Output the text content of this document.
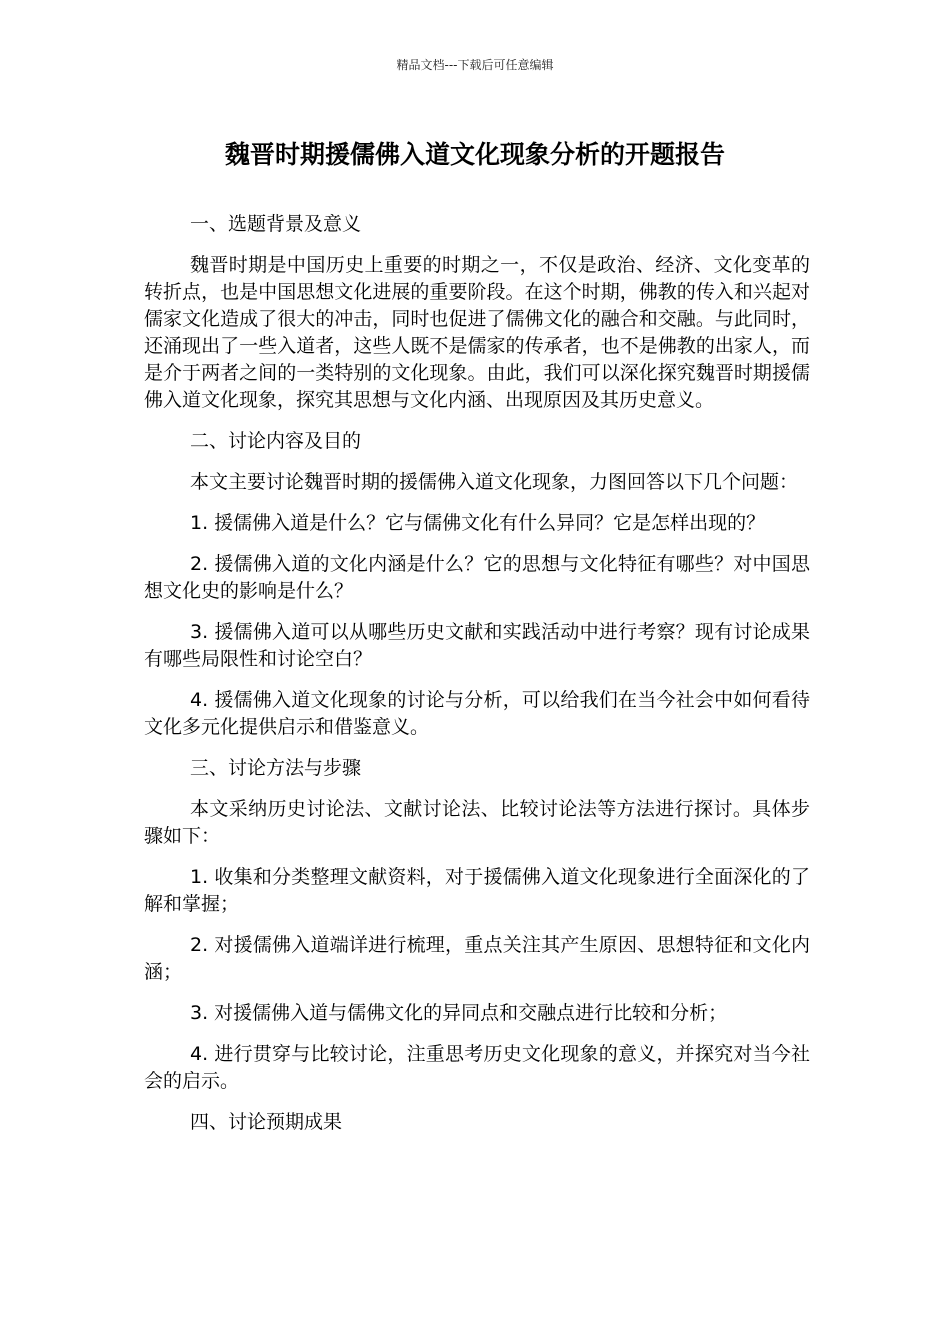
精品文档---下载后可任意编辑
魏晋时期援儒佛入道文化现象分析的开题报告

一、选题背景及意义

魏晋时期是中国历史上重要的时期之一，不仅是政治、经济、文化变革的转折点，也是中国思想文化进展的重要阶段。在这个时期，佛教的传入和兴起对儒家文化造成了很大的冲击，同时也促进了儒佛文化的融合和交融。与此同时，还涌现出了一些入道者，这些人既不是儒家的传承者，也不是佛教的出家人，而是介于两者之间的一类特别的文化现象。由此，我们可以深化探究魏晋时期援儒佛入道文化现象，探究其思想与文化内涵、出现原因及其历史意义。

二、讨论内容及目的

本文主要讨论魏晋时期的援儒佛入道文化现象，力图回答以下几个问题：

1. 援儒佛入道是什么？它与儒佛文化有什么异同？它是怎样出现的？

2. 援儒佛入道的文化内涵是什么？它的思想与文化特征有哪些？对中国思想文化史的影响是什么？

3. 援儒佛入道可以从哪些历史文献和实践活动中进行考察？现有讨论成果有哪些局限性和讨论空白？

4. 援儒佛入道文化现象的讨论与分析，可以给我们在当今社会中如何看待文化多元化提供启示和借鉴意义。

三、讨论方法与步骤

本文采纳历史讨论法、文献讨论法、比较讨论法等方法进行探讨。具体步骤如下：

1. 收集和分类整理文献资料，对于援儒佛入道文化现象进行全面深化的了解和掌握；

2. 对援儒佛入道端详进行梳理，重点关注其产生原因、思想特征和文化内涵；

3. 对援儒佛入道与儒佛文化的异同点和交融点进行比较和分析；

4. 进行贯穿与比较讨论，注重思考历史文化现象的意义，并探究对当今社会的启示。

四、讨论预期成果
